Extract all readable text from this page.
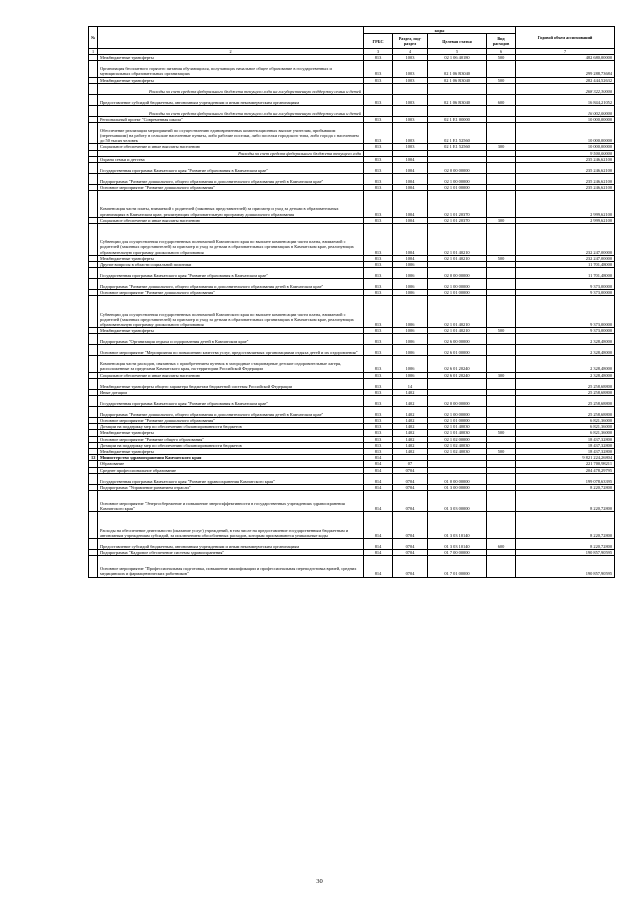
№		коды				Годовой объем ассигнований
		ГРБС	Раздел, под- раздел	Целевая статья	Вид расходов	
1	2	3	4	5	6	7
	Межбюджетные трансферты	813	1003	02 1 06 40180	500	482 680,00000
	Организация бесплатного горячего питания обучающихся, получающих начальное общее образование в государственных и муниципальных образовательных организациях	813	1003	02 1 06 R3040		299 288,73684
	Межбюджетные трансферты	813	1003	02 1 06 R3040	500	282 444,52632
	Расходы за счет средств федерального бюджета текущего года на государственную поддержку семьи и детей					268 322,30000
	Предоставление субсидий бюджетным, автономным учреждениям и иным некоммерческим организациям	813	1003	02 1 06 R3040	600	16 844,21052
	Расходы за счет средств федерального бюджета текущего года на государственную поддержку семьи и детей					16 002,00000
	Региональный проект "Современная школа"	813	1003	02 1 E1 00000		10 000,00000
	Обеспечение реализации мероприятий по осуществлению единовременных компенсационных выплат учителям, прибывшим (переехавшим) на работу в сельские населенные пункты, либо рабочие поселки, либо поселки городского типа, либо города с населением до 50 тысяч человек	813	1003	02 1 E1 52560		10 000,00000
	Социальное обеспечение и иные выплаты населению	813	1003	02 1 E1 52560	300	10 000,00000
	Расходы за счет средств федерального бюджета текущего года					9 500,00000
	Охрана семьи и детства	813	1004			235 246,62100
	Государственная программа Камчатского края "Развитие образования в Камчатском крае"	813	1004	02 0 00 00000		235 246,62100
	Подпрограмма "Развитие дошкольного, общего образования и дополнительного образования детей в Камчатском крае"	813	1004	02 1 00 00000		235 246,62100
	Основное мероприятие "Развитие дошкольного образования"	813	1004	02 1 01 00000		235 246,62100
	Компенсация части платы, взимаемой с родителей (законных представителей) за присмотр и уход за детьми в образовательных организациях в Камчатском крае, реализующих образовательную программу дошкольного образования	813	1004	02 1 01 20370		2 999,62100
	Социальное обеспечение и иные выплаты населению	813	1004	02 1 01 20370	300	2 999,62100
	Субвенции для осуществления государственных полномочий Камчатского края по выплате компенсации части платы, взимаемой с родителей (законных представителей) за присмотр и уход за детьми в образовательных организациях в Камчатском крае, реализующих образовательную программу дошкольного образования	813	1004	02 1 01 40210		232 247,00000
	Межбюджетные трансферты	813	1004	02 1 01 40210	500	232 247,00000
	Другие вопросы в области социальной политики	813	1006			11 701,48000
	Государственная программа Камчатского края "Развитие образования в Камчатском крае"	813	1006	02 0 00 00000		11 701,48000
	Подпрограмма "Развитие дошкольного, общего образования и дополнительного образования детей в Камчатском крае"	813	1006	02 1 00 00000		9 373,00000
	Основное мероприятие "Развитие дошкольного образования"	813	1006	02 1 01 00000		9 373,00000
	Субвенции для осуществления государственных полномочий Камчатского края по выплате компенсации части платы, взимаемой с родителей (законных представителей) за присмотр и уход за детьми в образовательных организациях в Камчатском крае, реализующих образовательную программу дошкольного образования	813	1006	02 1 01 40210		9 373,00000
	Межбюджетные трансферты	813	1006	02 1 01 40210	500	9 373,00000
	Подпрограмма "Организация отдыха и оздоровления детей в Камчатском крае"	813	1006	02 6 00 00000		2 328,48000
	Основное мероприятие "Мероприятия по повышению качества услуг, предоставляемых организациями отдыха детей и их оздоровления"	813	1006	02 6 01 00000		2 328,48000
	Компенсация части расходов, связанных с приобретением путевок в загородные стационарные детские оздоровительные лагеря, расположенные за пределами Камчатского края, на территории Российской Федерации	813	1006	02 6 01 20240		2 328,48000
	Социальное обеспечение и иные выплаты населению	813	1006	02 6 01 20240	300	2 328,48000
	Межбюджетные трансферты общего характера бюджетам бюджетной системы Российской Федерации	813	14			25 258,68800
	Иные дотации	813	1402			25 258,68800
	Государственная программа Камчатского края "Развитие образования в Камчатском крае"	813	1402	02 0 00 00000		25 258,68800
	Подпрограмма "Развитие дошкольного, общего образования и дополнительного образования детей в Камчатском крае"	813	1402	02 1 00 00000		25 258,68800
	Основное мероприятие "Развитие дошкольного образования"	813	1402	02 1 01 00000		6 821,36000
	Дотации на поддержку мер по обеспечению сбалансированности бюджетов	813	1402	02 1 01 40030		6 821,36000
	Межбюджетные трансферты	813	1402	02 1 01 40030	500	6 821,36000
	Основное мероприятие "Развитие общего образования"	813	1402	02 1 02 00000		18 437,32800
	Дотации на поддержку мер по обеспечению сбалансированности бюджетов	813	1402	02 1 02 40030		18 437,32800
	Межбюджетные трансферты	813	1402	02 1 02 40030	500	18 437,32800
12	Министерство здравоохранения Камчатского края	814				9 821 224,26804
	Образование	814	07			221 700,98211
	Среднее профессиональное образование	814	0704			204 478,29795
	Государственная программа Камчатского края "Развитие здравоохранения Камчатского края"	814	0704	01 0 00 00000		199 078,63395
	Подпрограмма "Управление развитием отрасли"	814	0704	01 3 00 00000		8 220,72800
	Основное мероприятие "Энергосбережение и повышение энергоэффективности в государственных учреждениях здравоохранения Камчатского края"	814	0704	01 3 03 00000		8 220,72800
	Расходы на обеспечение деятельности (оказание услуг) учреждений, в том числе на предоставление государственным бюджетным и автономным учреждениям субсидий, за исключением обособленных расходов, которым присваиваются уникальные коды	814	0704	01 3 03 10140		8 220,72800
	Предоставление субсидий бюджетным, автономным учреждениям и иным некоммерческим организациям	814	0704	01 3 03 10140	600	8 220,72800
	Подпрограмма "Кадровое обеспечение системы здравоохранения"	814	0704	01 7 00 00000		190 857,90595
	Основное мероприятие "Профессиональная подготовка, повышение квалификации и профессиональная переподготовка врачей, средних медицинских и фармацевтических работников"	814	0704	01 7 01 00000		190 857,90595
30
